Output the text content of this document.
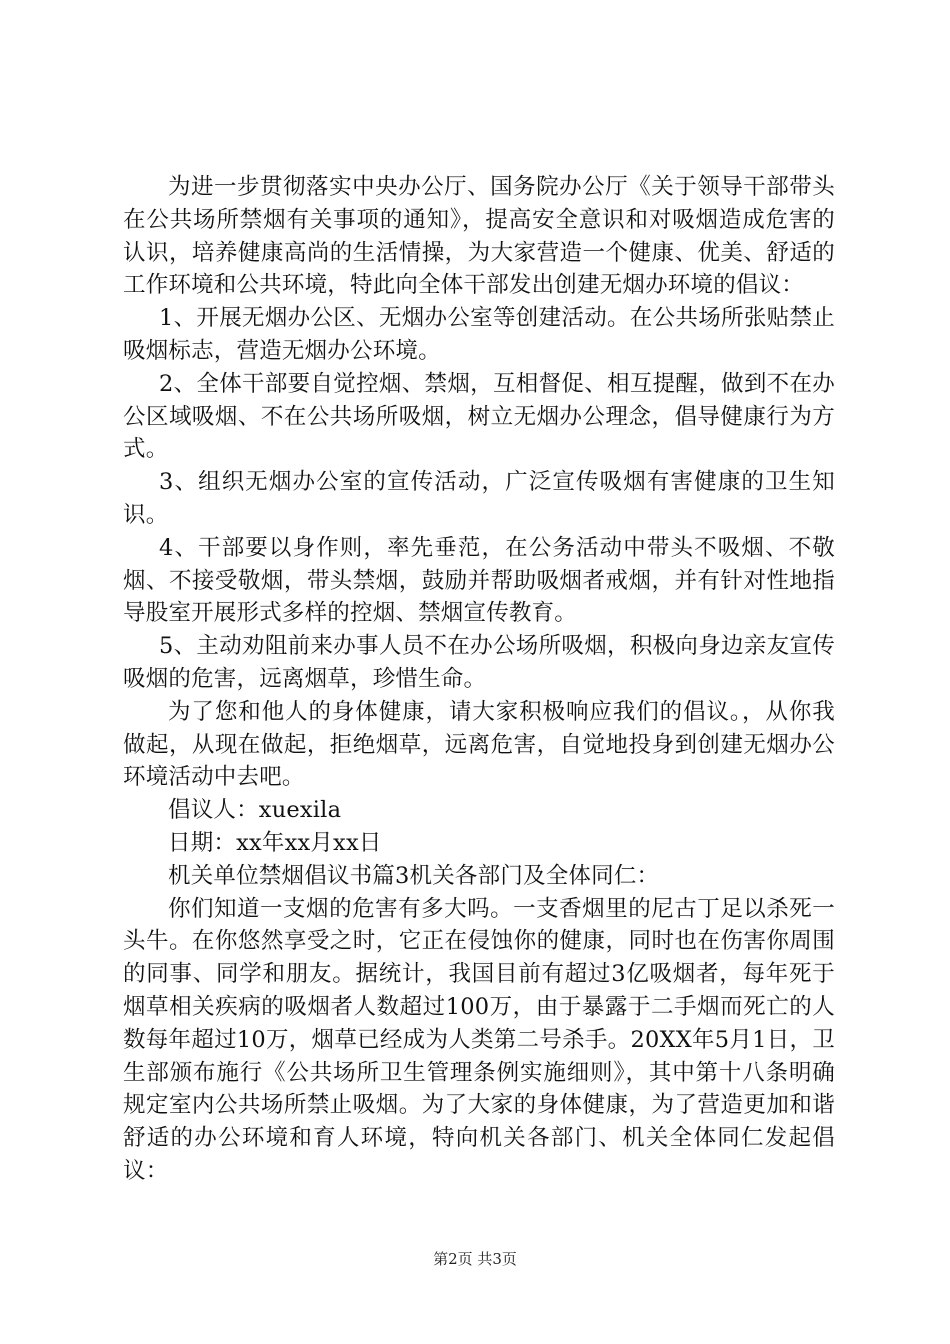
为进一步贯彻落实中央办公厅、国务院办公厅《关于领导干部带头在公共场所禁烟有关事项的通知》，提高安全意识和对吸烟造成危害的认识，培养健康高尚的生活情操，为大家营造一个健康、优美、舒适的工作环境和公共环境，特此向全体干部发出创建无烟办环境的倡议：

1、开展无烟办公区、无烟办公室等创建活动。在公共场所张贴禁止吸烟标志，营造无烟办公环境。

2、全体干部要自觉控烟、禁烟，互相督促、相互提醒，做到不在办公区域吸烟、不在公共场所吸烟，树立无烟办公理念，倡导健康行为方式。

3、组织无烟办公室的宣传活动，广泛宣传吸烟有害健康的卫生知识。

4、干部要以身作则，率先垂范，在公务活动中带头不吸烟、不敬烟、不接受敬烟，带头禁烟，鼓励并帮助吸烟者戒烟，并有针对性地指导股室开展形式多样的控烟、禁烟宣传教育。

5、主动劝阻前来办事人员不在办公场所吸烟，积极向身边亲友宣传吸烟的危害，远离烟草，珍惜生命。

为了您和他人的身体健康，请大家积极响应我们的倡议。，从你我做起，从现在做起，拒绝烟草，远离危害，自觉地投身到创建无烟办公环境活动中去吧。

倡议人：xuexila

日期：xx年xx月xx日

机关单位禁烟倡议书篇3机关各部门及全体同仁：

你们知道一支烟的危害有多大吗。一支香烟里的尼古丁足以杀死一头牛。在你悠然享受之时，它正在侵蚀你的健康，同时也在伤害你周围的同事、同学和朋友。据统计，我国目前有超过3亿吸烟者，每年死于烟草相关疾病的吸烟者人数超过100万，由于暴露于二手烟而死亡的人数每年超过10万，烟草已经成为人类第二号杀手。20XX年5月1日，卫生部颁布施行《公共场所卫生管理条例实施细则》，其中第十八条明确规定室内公共场所禁止吸烟。为了大家的身体健康，为了营造更加和谐舒适的办公环境和育人环境，特向机关各部门、机关全体同仁发起倡议：

第2页 共3页
